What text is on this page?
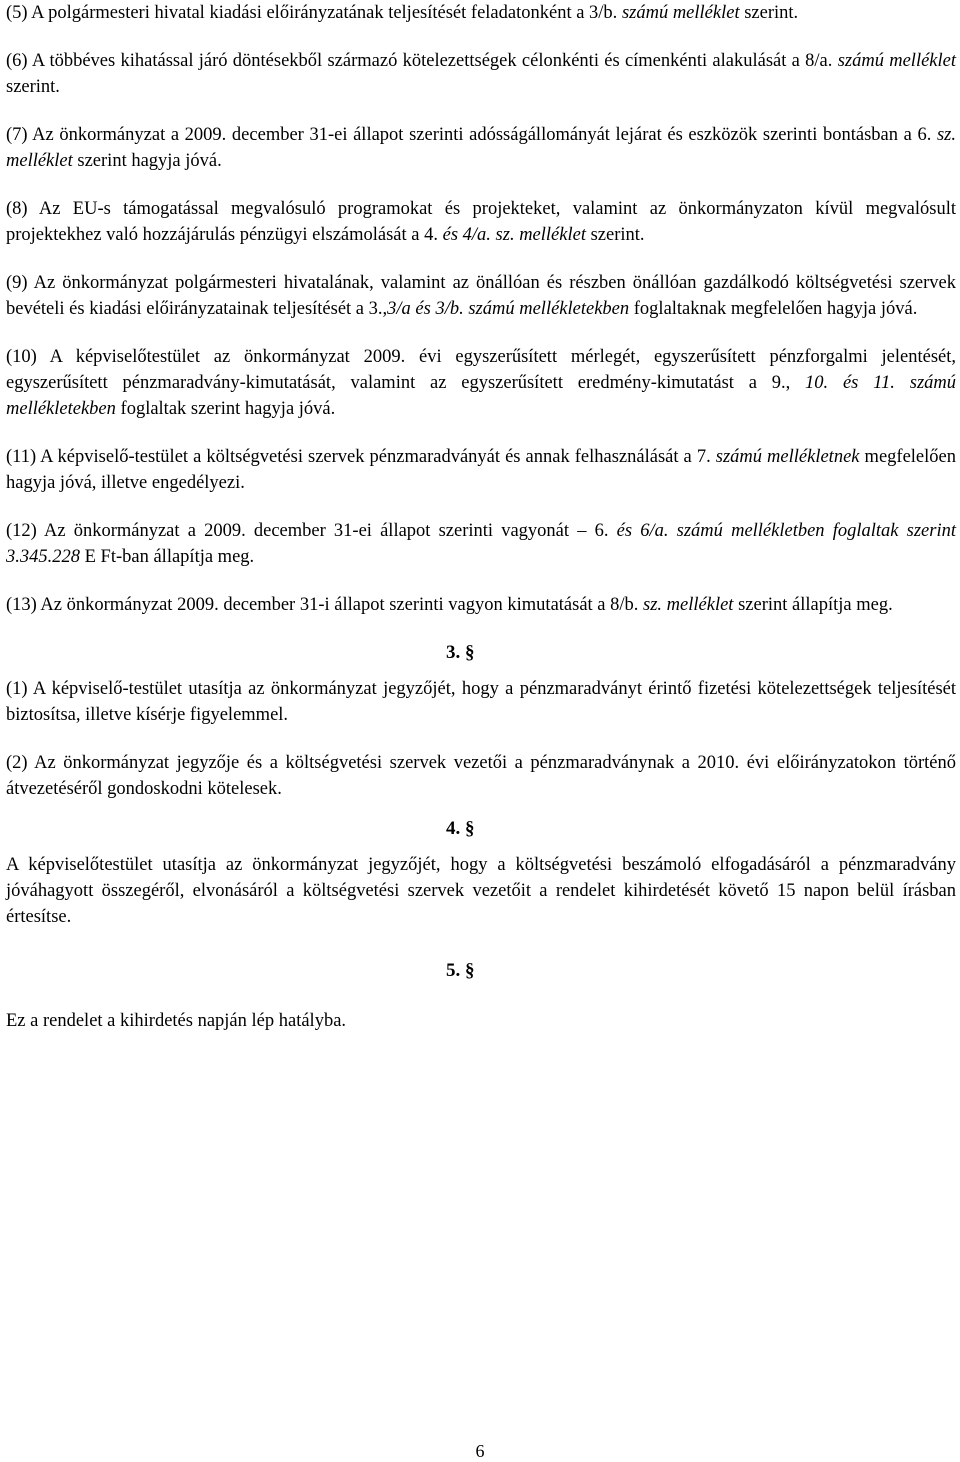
(5) A polgármesteri hivatal kiadási előirányzatának teljesítését feladatonként a 3/b. számú melléklet szerint.

(6) A többéves kihatással járó döntésekből származó kötelezettségek célonkénti és címenkénti alakulását a 8/a. számú melléklet szerint.

(7) Az önkormányzat a 2009. december 31-ei állapot szerinti adósságállományát lejárat és eszközök szerinti bontásban a 6. sz. melléklet szerint hagyja jóvá.

(8) Az EU-s támogatással megvalósuló programokat és projekteket, valamint az önkormányzaton kívül megvalósult projektekhez való hozzájárulás pénzügyi elszámolását a 4. és 4/a. sz. melléklet szerint.

(9) Az önkormányzat polgármesteri hivatalának, valamint az önállóan és részben önállóan gazdálkodó költségvetési szervek bevételi és kiadási előirányzatainak teljesítését a 3.,3/a és 3/b. számú mellékletekben foglaltaknak megfelelően hagyja jóvá.

(10) A képviselőtestület az önkormányzat 2009. évi egyszerűsített mérlegét, egyszerűsített pénzforgalmi jelentését, egyszerűsített pénzmaradvány-kimutatását, valamint az egyszerűsített eredmény-kimutatást a 9., 10. és 11. számú mellékletekben foglaltak szerint hagyja jóvá.

(11) A képviselő-testület a költségvetési szervek pénzmaradványát és annak felhasználását a 7. számú mellékletnek megfelelően hagyja jóvá, illetve engedélyezi.

(12) Az önkormányzat a 2009. december 31-ei állapot szerinti vagyonát – 6. és 6/a. számú mellékletben foglaltak szerint 3.345.228 E Ft-ban állapítja meg.

(13) Az önkormányzat 2009. december 31-i állapot szerinti vagyon kimutatását a 8/b. sz. melléklet szerint állapítja meg.

3. §

(1) A képviselő-testület utasítja az önkormányzat jegyzőjét, hogy a pénzmaradványt érintő fizetési kötelezettségek teljesítését biztosítsa, illetve kísérje figyelemmel.

(2) Az önkormányzat jegyzője és a költségvetési szervek vezetői a pénzmaradványnak a 2010. évi előirányzatokon történő átvezetéséről gondoskodni kötelesek.

4. §

A képviselőtestület utasítja az önkormányzat jegyzőjét, hogy a költségvetési beszámoló elfogadásáról a pénzmaradvány jóváhagyott összegéről, elvonásáról a költségvetési szervek vezetőit a rendelet kihirdetését követő 15 napon belül írásban értesítse.

5. §

Ez a rendelet a kihirdetés napján lép hatályba.

6
